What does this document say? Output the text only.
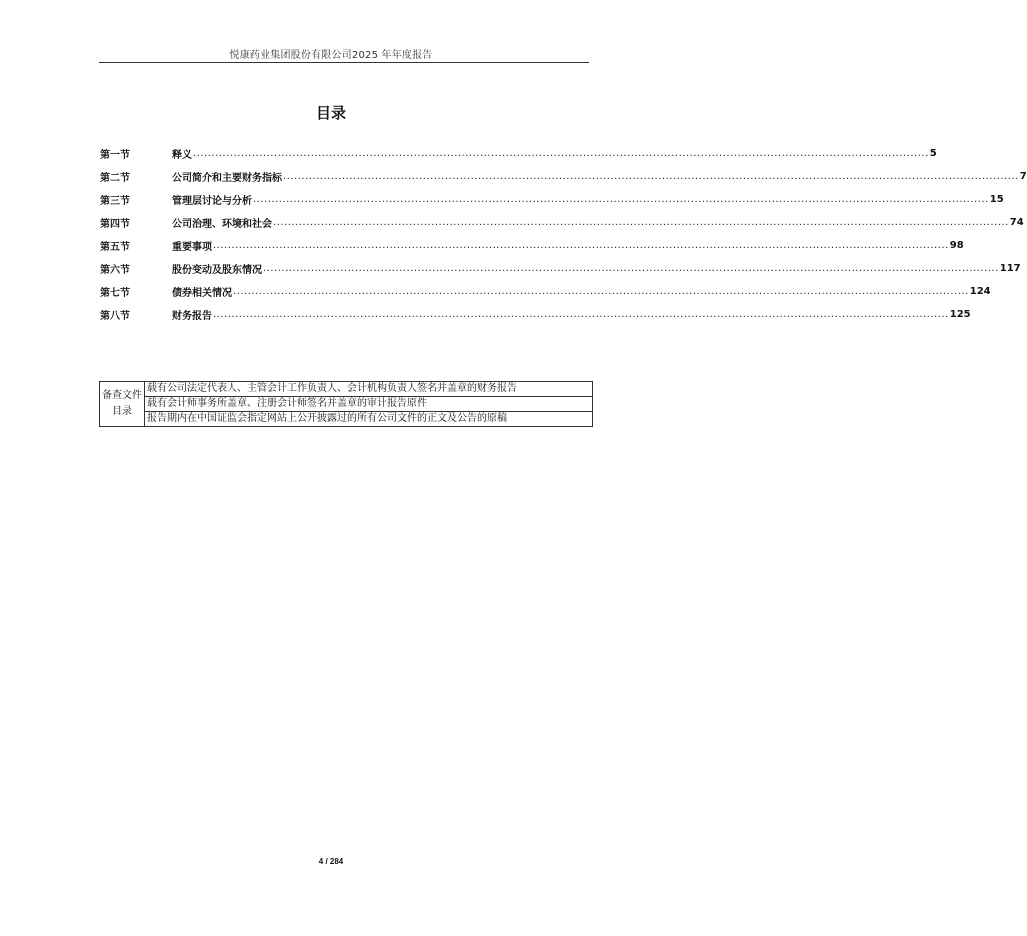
悦康药业集团股份有限公司2025 年年度报告
目录
第一节	释义 ........................................................................................................................................................................................................ 5
第二节	公司简介和主要财务指标 ........................................................................................................................................................................................................ 7
第三节	管理层讨论与分析 ........................................................................................................................................................................................................ 15
第四节	公司治理、环境和社会 ........................................................................................................................................................................................................ 74
第五节	重要事项 ........................................................................................................................................................................................................ 98
第六节	股份变动及股东情况 ........................................................................................................................................................................................................ 117
第七节	债券相关情况 ........................................................................................................................................................................................................ 124
第八节	财务报告 ........................................................................................................................................................................................................ 125
备查文件目录	载有公司法定代表人、主管会计工作负责人、会计机构负责人签名并盖章的财务报告
载有会计师事务所盖章、注册会计师签名并盖章的审计报告原件
报告期内在中国证监会指定网站上公开披露过的所有公司文件的正文及公告的原稿
4 / 284
